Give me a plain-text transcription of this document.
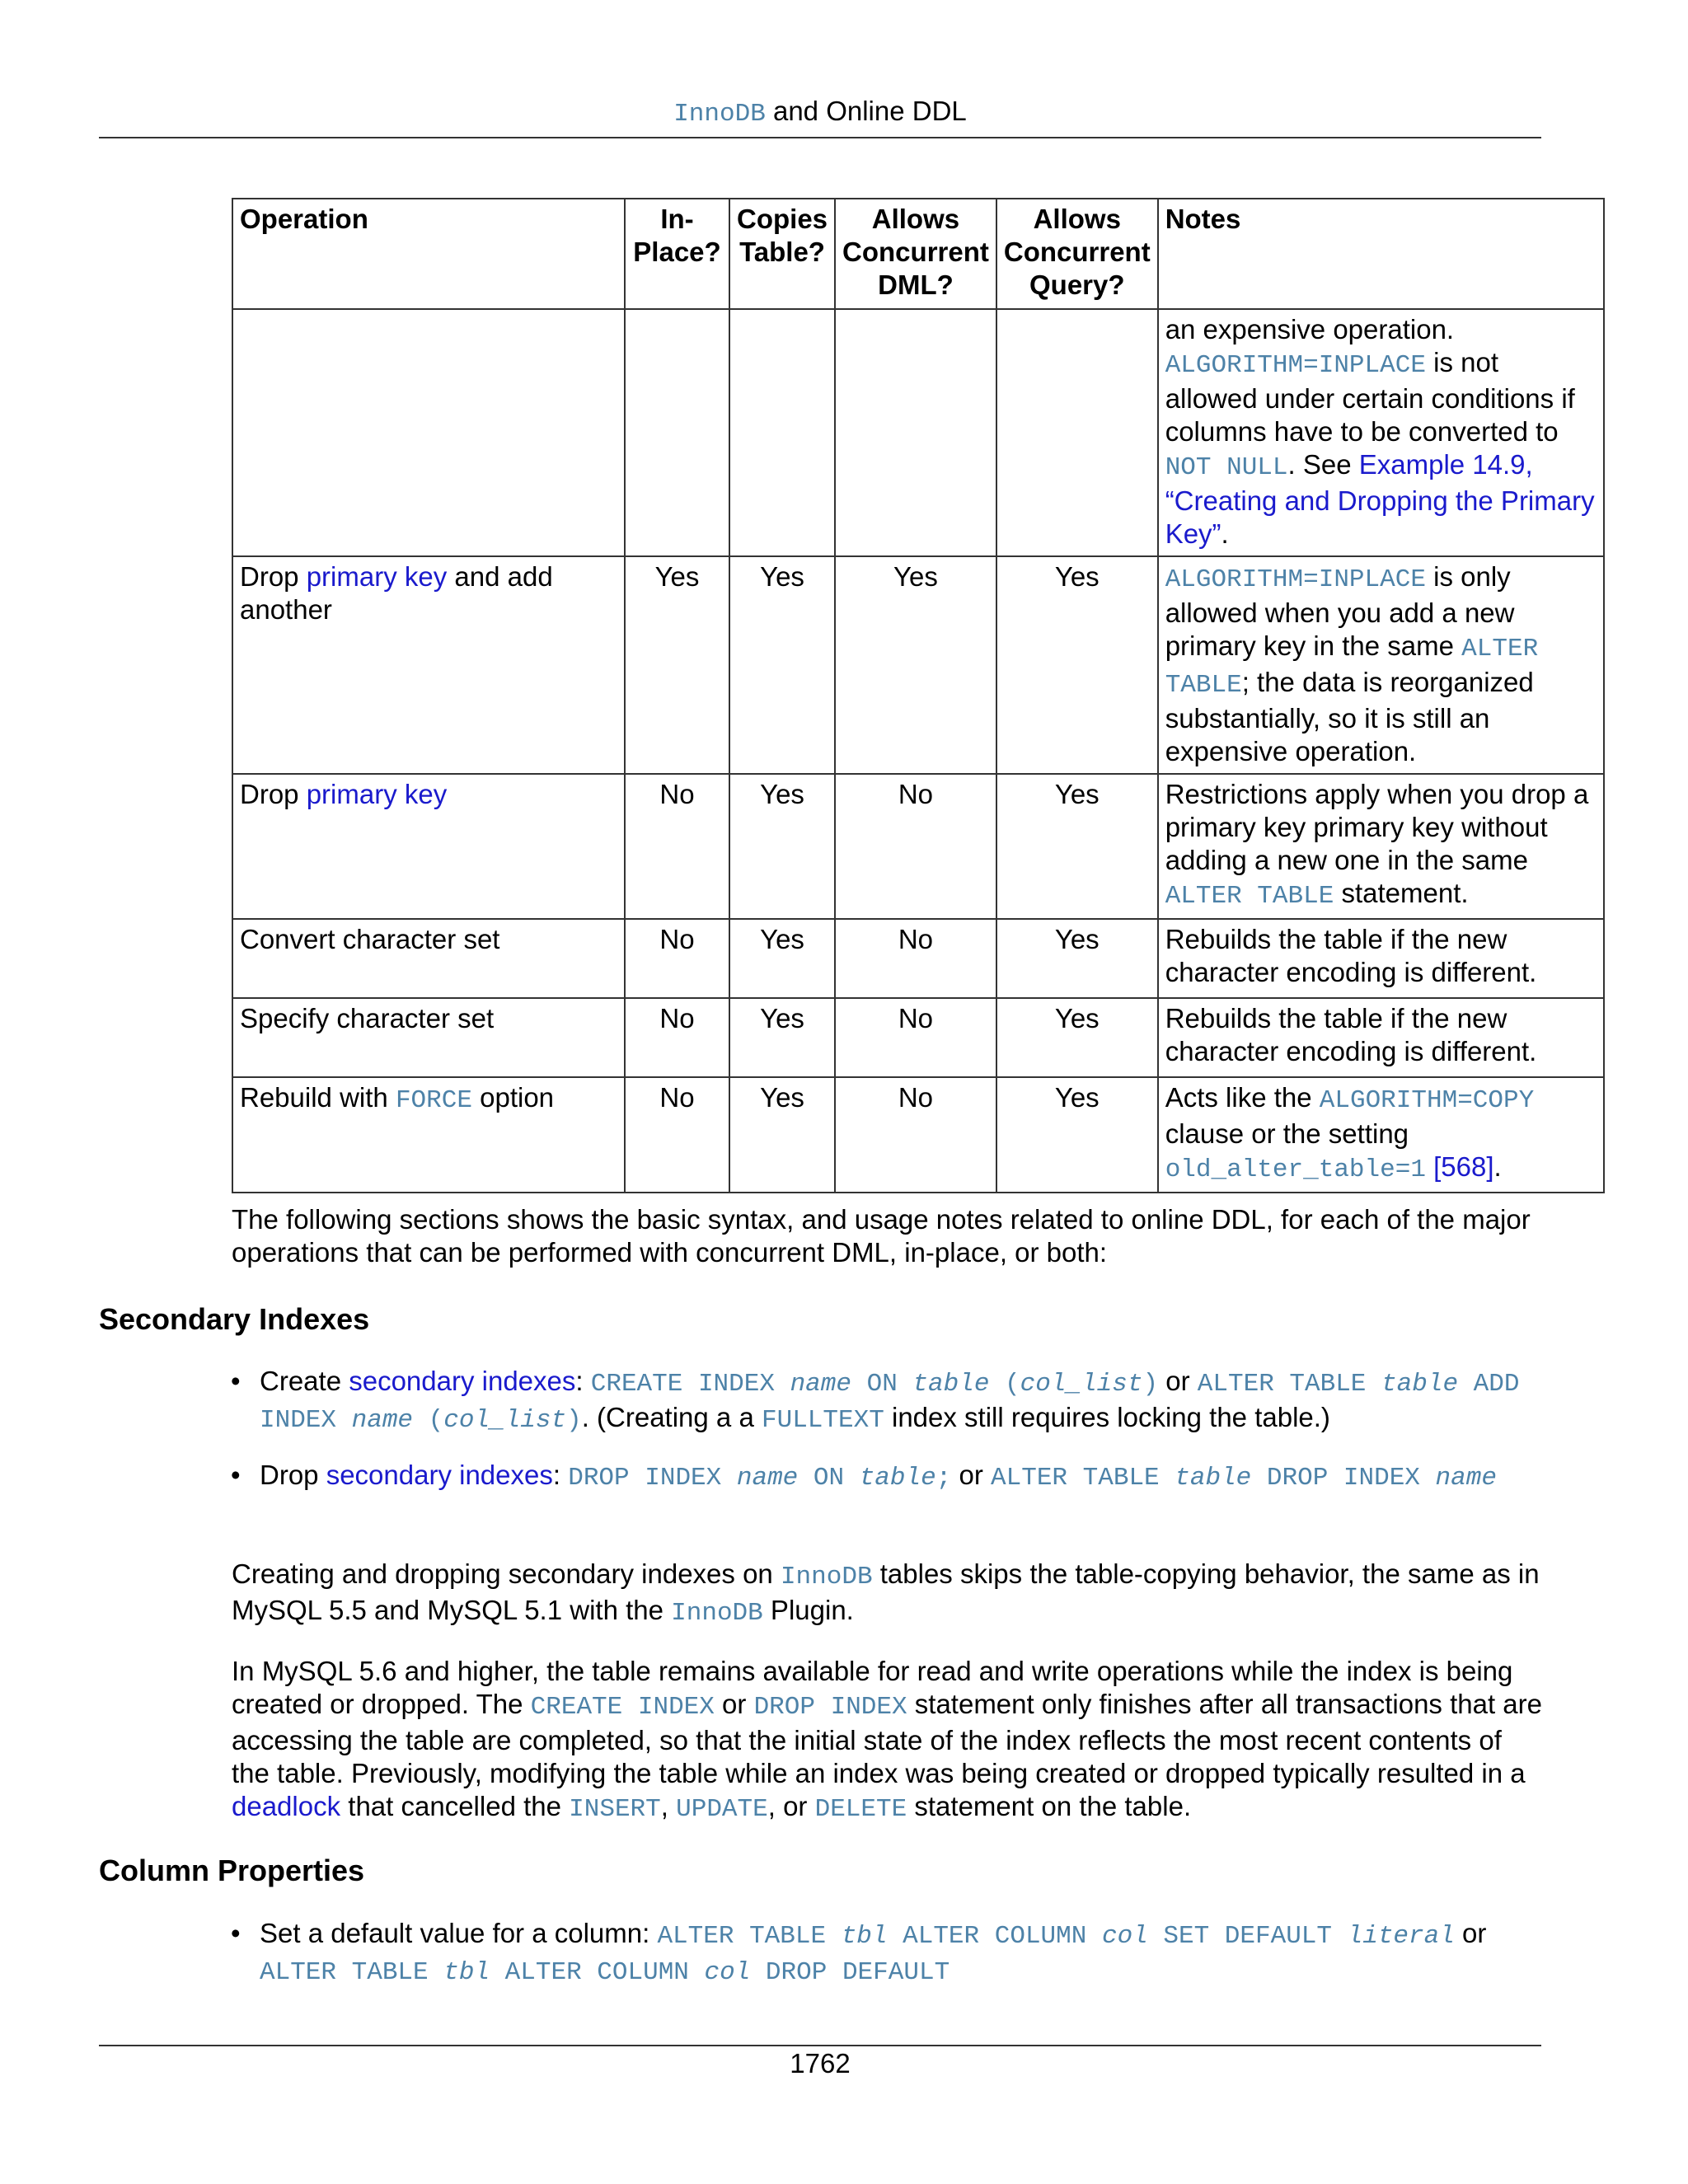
InnoDB and Online DDL
Operation	In-Place?	Copies Table?	Allows Concurrent DML?	Allows Concurrent Query?	Notes
					an expensive operation. ALGORITHM=INPLACE is not allowed under certain conditions if columns have to be converted to NOT NULL. See Example 14.9, “Creating and Dropping the Primary Key”.
Drop primary key and add another	Yes	Yes	Yes	Yes	ALGORITHM=INPLACE is only allowed when you add a new primary key in the same ALTER TABLE; the data is reorganized substantially, so it is still an expensive operation.
Drop primary key	No	Yes	No	Yes	Restrictions apply when you drop a primary key primary key without adding a new one in the same ALTER TABLE statement.
Convert character set	No	Yes	No	Yes	Rebuilds the table if the new character encoding is different.
Specify character set	No	Yes	No	Yes	Rebuilds the table if the new character encoding is different.
Rebuild with FORCE option	No	Yes	No	Yes	Acts like the ALGORITHM=COPY clause or the setting old_alter_table=1 [568].
The following sections shows the basic syntax, and usage notes related to online DDL, for each of the major operations that can be performed with concurrent DML, in-place, or both:
Secondary Indexes
• Create secondary indexes: CREATE INDEX name ON table (col_list) or ALTER TABLE table ADD INDEX name (col_list). (Creating a a FULLTEXT index still requires locking the table.)
• Drop secondary indexes: DROP INDEX name ON table; or ALTER TABLE table DROP INDEX name
Creating and dropping secondary indexes on InnoDB tables skips the table-copying behavior, the same as in MySQL 5.5 and MySQL 5.1 with the InnoDB Plugin.
In MySQL 5.6 and higher, the table remains available for read and write operations while the index is being created or dropped. The CREATE INDEX or DROP INDEX statement only finishes after all transactions that are accessing the table are completed, so that the initial state of the index reflects the most recent contents of the table. Previously, modifying the table while an index was being created or dropped typically resulted in a deadlock that cancelled the INSERT, UPDATE, or DELETE statement on the table.
Column Properties
• Set a default value for a column: ALTER TABLE tbl ALTER COLUMN col SET DEFAULT literal or ALTER TABLE tbl ALTER COLUMN col DROP DEFAULT
1762
